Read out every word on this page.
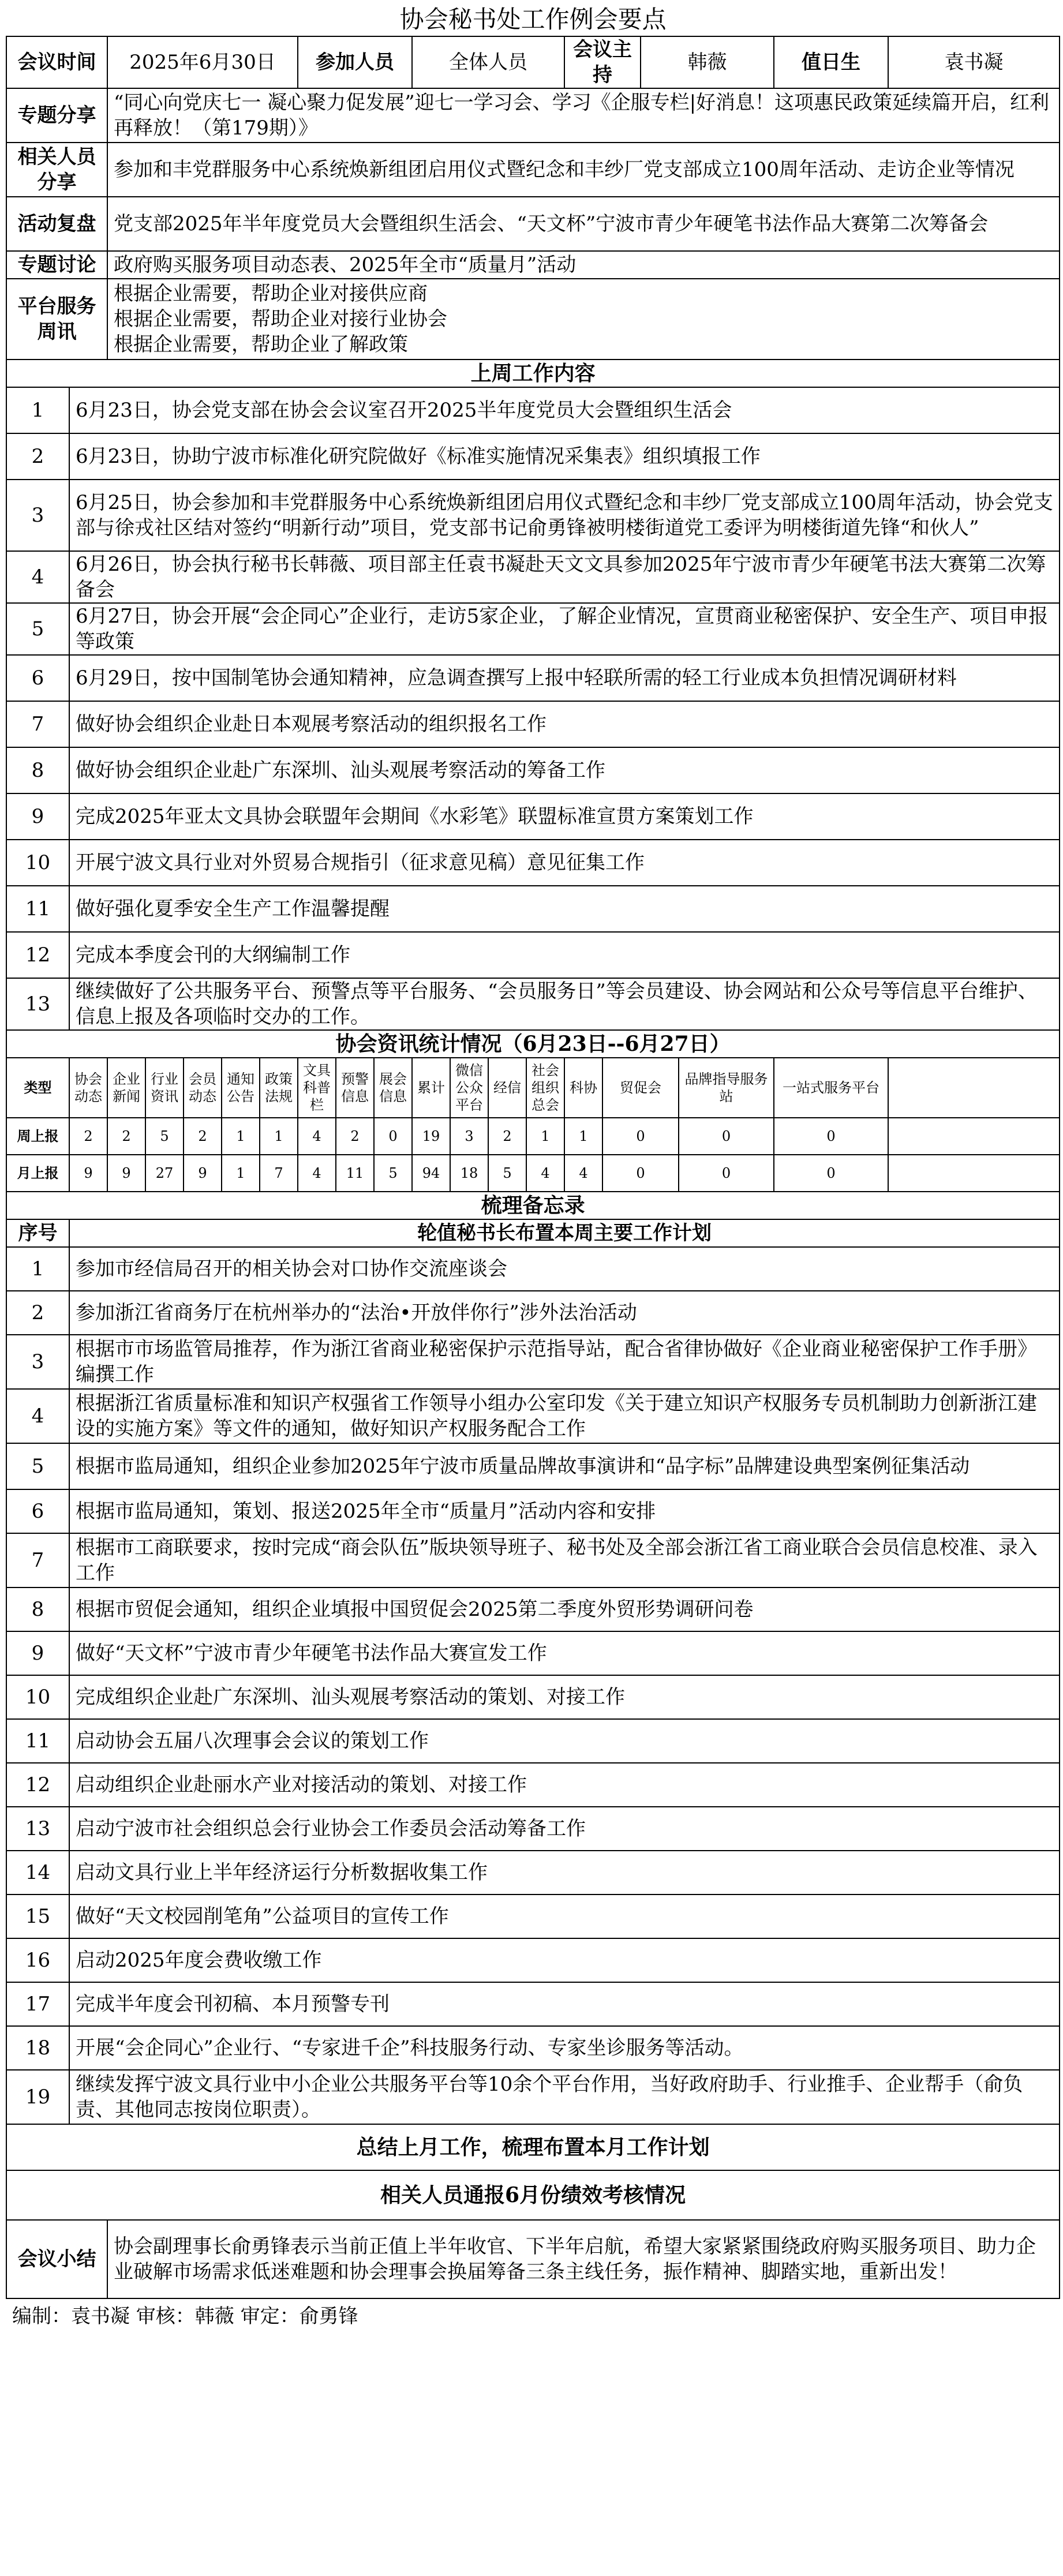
协会秘书处工作例会要点																			
会议时间		2025年6月30日					参加人员			全体人员				会议主持		韩薇		值日生	袁书凝
专题分享		“同心向党庆七一 凝心聚力促发展”迎七一学习会、学习《企服专栏|好消息！这项惠民政策延续篇开启，红利再释放！（第179期）》																	
相关人员分享		参加和丰党群服务中心系统焕新组团启用仪式暨纪念和丰纱厂党支部成立100周年活动、走访企业等情况																	
活动复盘		党支部2025年半年度党员大会暨组织生活会、“天文杯”宁波市青少年硬笔书法作品大赛第二次筹备会																	
专题讨论		政府购买服务项目动态表、2025年全市“质量月”活动																	
平台服务周讯		根据企业需要，帮助企业对接供应商
根据企业需要，帮助企业对接行业协会
根据企业需要，帮助企业了解政策																	

上周工作内容																			
1	6月23日，协会党支部在协会会议室召开2025半年度党员大会暨组织生活会																		
2	6月23日，协助宁波市标准化研究院做好《标准实施情况采集表》组织填报工作																		
3	6月25日，协会参加和丰党群服务中心系统焕新组团启用仪式暨纪念和丰纱厂党支部成立100周年活动，协会党支部与徐戎社区结对签约“明新行动”项目，党支部书记俞勇锋被明楼街道党工委评为明楼街道先锋“和伙人”																		
4	6月26日，协会执行秘书长韩薇、项目部主任袁书凝赴天文文具参加2025年宁波市青少年硬笔书法大赛第二次筹备会																		
5	6月27日，协会开展“会企同心”企业行，走访5家企业，了解企业情况，宣贯商业秘密保护、安全生产、项目申报等政策																		
6	6月29日，按中国制笔协会通知精神，应急调查撰写上报中轻联所需的轻工行业成本负担情况调研材料																		
7	做好协会组织企业赴日本观展考察活动的组织报名工作																		
8	做好协会组织企业赴广东深圳、汕头观展考察活动的筹备工作																		
9	完成2025年亚太文具协会联盟年会期间《水彩笔》联盟标准宣贯方案策划工作																		
10	开展宁波文具行业对外贸易合规指引（征求意见稿）意见征集工作																		
11	做好强化夏季安全生产工作温馨提醒																		
12	完成本季度会刊的大纲编制工作																		
13	继续做好了公共服务平台、预警点等平台服务、“会员服务日”等会员建设、协会网站和公众号等信息平台维护、信息上报及各项临时交办的工作。																		
协会资讯统计情况（6月23日--6月27日）																			
类型	协会动态	企业新闻	行业资讯	会员动态	通知公告	政策法规	文具科普栏	预警信息	展会信息	累计	微信公众平台	经信	社会组织总会	科协	贸促会		品牌指导服务站	一站式服务平台	
周上报	2	2	5	2	1	1	4	2	0	19	3	2	1	1	0		0	0	
月上报	9	9	27	9	1	7	4	11	5	94	18	5	4	4	0		0	0	
梳理备忘录																			
序号	轮值秘书长布置本周主要工作计划																		
1	参加市经信局召开的相关协会对口协作交流座谈会																		
2	参加浙江省商务厅在杭州举办的“法治•开放伴你行”涉外法治活动																		
3	根据市市场监管局推荐，作为浙江省商业秘密保护示范指导站，配合省律协做好《企业商业秘密保护工作手册》编撰工作																		
4	根据浙江省质量标准和知识产权强省工作领导小组办公室印发《关于建立知识产权服务专员机制助力创新浙江建设的实施方案》等文件的通知，做好知识产权服务配合工作																		
5	根据市监局通知，组织企业参加2025年宁波市质量品牌故事演讲和“品字标”品牌建设典型案例征集活动																		
6	根据市监局通知，策划、报送2025年全市“质量月”活动内容和安排																		
7	根据市工商联要求，按时完成“商会队伍”版块领导班子、秘书处及全部会浙江省工商业联合会员信息校准、录入工作																		
8	根据市贸促会通知，组织企业填报中国贸促会2025第二季度外贸形势调研问卷																		
9	做好“天文杯”宁波市青少年硬笔书法作品大赛宣发工作																		
10	完成组织企业赴广东深圳、汕头观展考察活动的策划、对接工作																		
11	启动协会五届八次理事会会议的策划工作																		
12	启动组织企业赴丽水产业对接活动的策划、对接工作																		
13	启动宁波市社会组织总会行业协会工作委员会活动筹备工作																		
14	启动文具行业上半年经济运行分析数据收集工作																		
15	做好“天文校园削笔角”公益项目的宣传工作																		
16	启动2025年度会费收缴工作																		
17	完成半年度会刊初稿、本月预警专刊																		
18	开展“会企同心”企业行、“专家进千企”科技服务行动、专家坐诊服务等活动。																		
19	继续发挥宁波文具行业中小企业公共服务平台等10余个平台作用，当好政府助手、行业推手、企业帮手（俞负责、其他同志按岗位职责）。																		
总结上月工作，梳理布置本月工作计划																			
相关人员通报6月份绩效考核情况																			
会议小结		协会副理事长俞勇锋表示当前正值上半年收官、下半年启航，希望大家紧紧围绕政府购买服务项目、助力企业破解市场需求低迷难题和协会理事会换届筹备三条主线任务，振作精神、脚踏实地，重新出发！																	
编制：袁书凝 审核：韩薇 审定：俞勇锋																			
